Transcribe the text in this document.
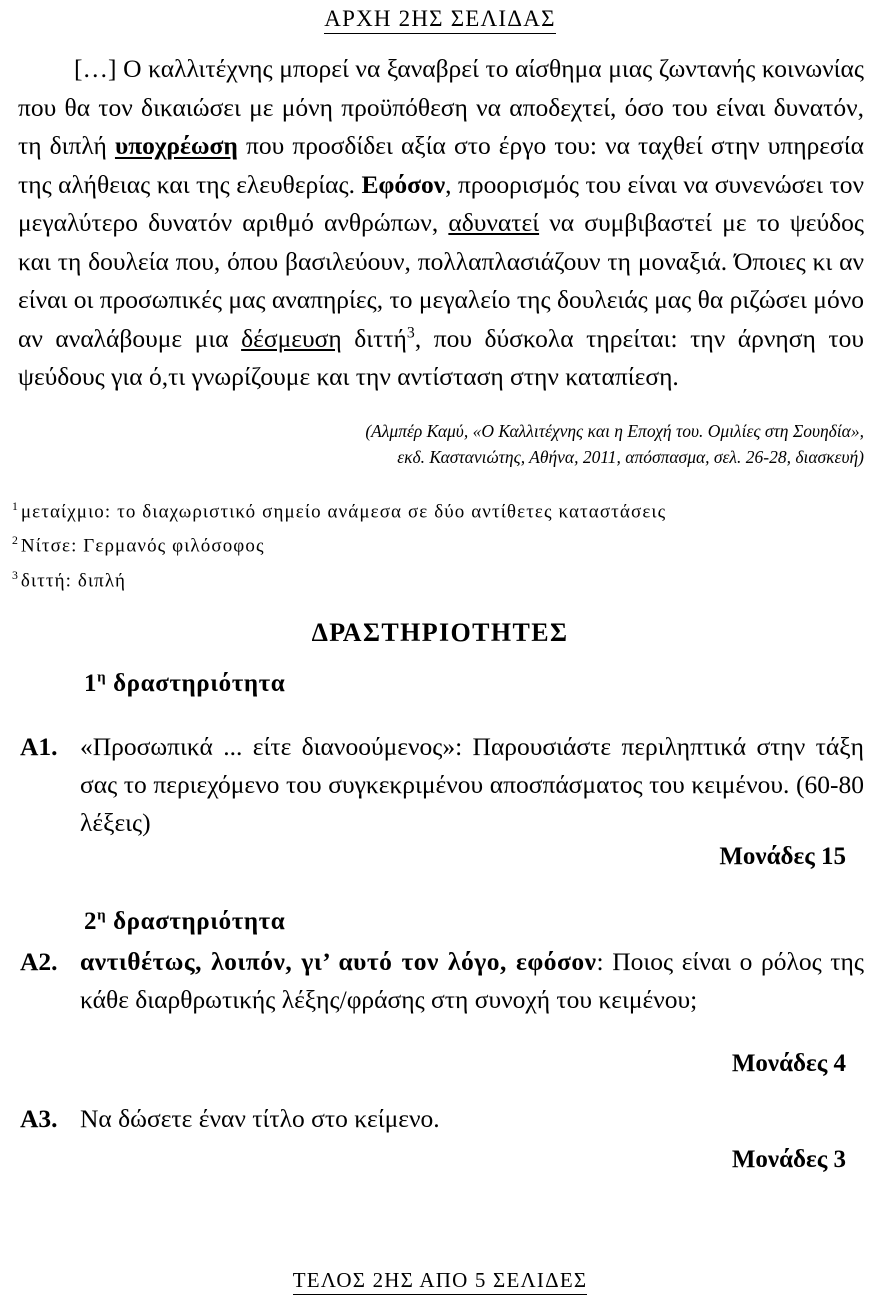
ΑΡΧΗ 2ΗΣ ΣΕΛΙΔΑΣ
[…] Ο καλλιτέχνης μπορεί να ξαναβρεί το αίσθημα μιας ζωντανής κοινωνίας που θα τον δικαιώσει με μόνη προϋπόθεση να αποδεχτεί, όσο του είναι δυνατόν, τη διπλή υποχρέωση που προσδίδει αξία στο έργο του: να ταχθεί στην υπηρεσία της αλήθειας και της ελευθερίας. Εφόσον, προορισμός του είναι να συνενώσει τον μεγαλύτερο δυνατόν αριθμό ανθρώπων, αδυνατεί να συμβιβαστεί με το ψεύδος και τη δουλεία που, όπου βασιλεύουν, πολλαπλασιάζουν τη μοναξιά. Όποιες κι αν είναι οι προσωπικές μας αναπηρίες, το μεγαλείο της δουλειάς μας θα ριζώσει μόνο αν αναλάβουμε μια δέσμευση διττή$^3$, που δύσκολα τηρείται: την άρνηση του ψεύδους για ό,τι γνωρίζουμε και την αντίσταση στην καταπίεση.
(Αλμπέρ Καμύ, «Ο Καλλιτέχνης και η Εποχή του. Ομιλίες στη Σουηδία»,
εκδ. Καστανιώτης, Αθήνα, 2011, απόσπασμα, σελ. 26-28, διασκευή)
$^1$ μεταίχμιο: το διαχωριστικό σημείο ανάμεσα σε δύο αντίθετες καταστάσεις
$^2$ Νίτσε: Γερμανός φιλόσοφος
$^3$ διττή: διπλή
ΔΡΑΣΤΗΡΙΟΤΗΤΕΣ
$1^\eta$ δραστηριότητα
Α1. «Προσωπικά ... είτε διανοούμενος»: Παρουσιάστε περιληπτικά στην τάξη σας το περιεχόμενο του συγκεκριμένου αποσπάσματος του κειμένου. (60-80 λέξεις)
Μονάδες 15
$2^\eta$ δραστηριότητα
Α2. αντιθέτως, λοιπόν, γι’ αυτό τον λόγο, εφόσον: Ποιος είναι ο ρόλος της κάθε διαρθρωτικής λέξης/φράσης στη συνοχή του κειμένου;
Μονάδες 4
Α3. Να δώσετε έναν τίτλο στο κείμενο.
Μονάδες 3
ΤΕΛΟΣ 2ΗΣ ΑΠΟ 5 ΣΕΛΙΔΕΣ
